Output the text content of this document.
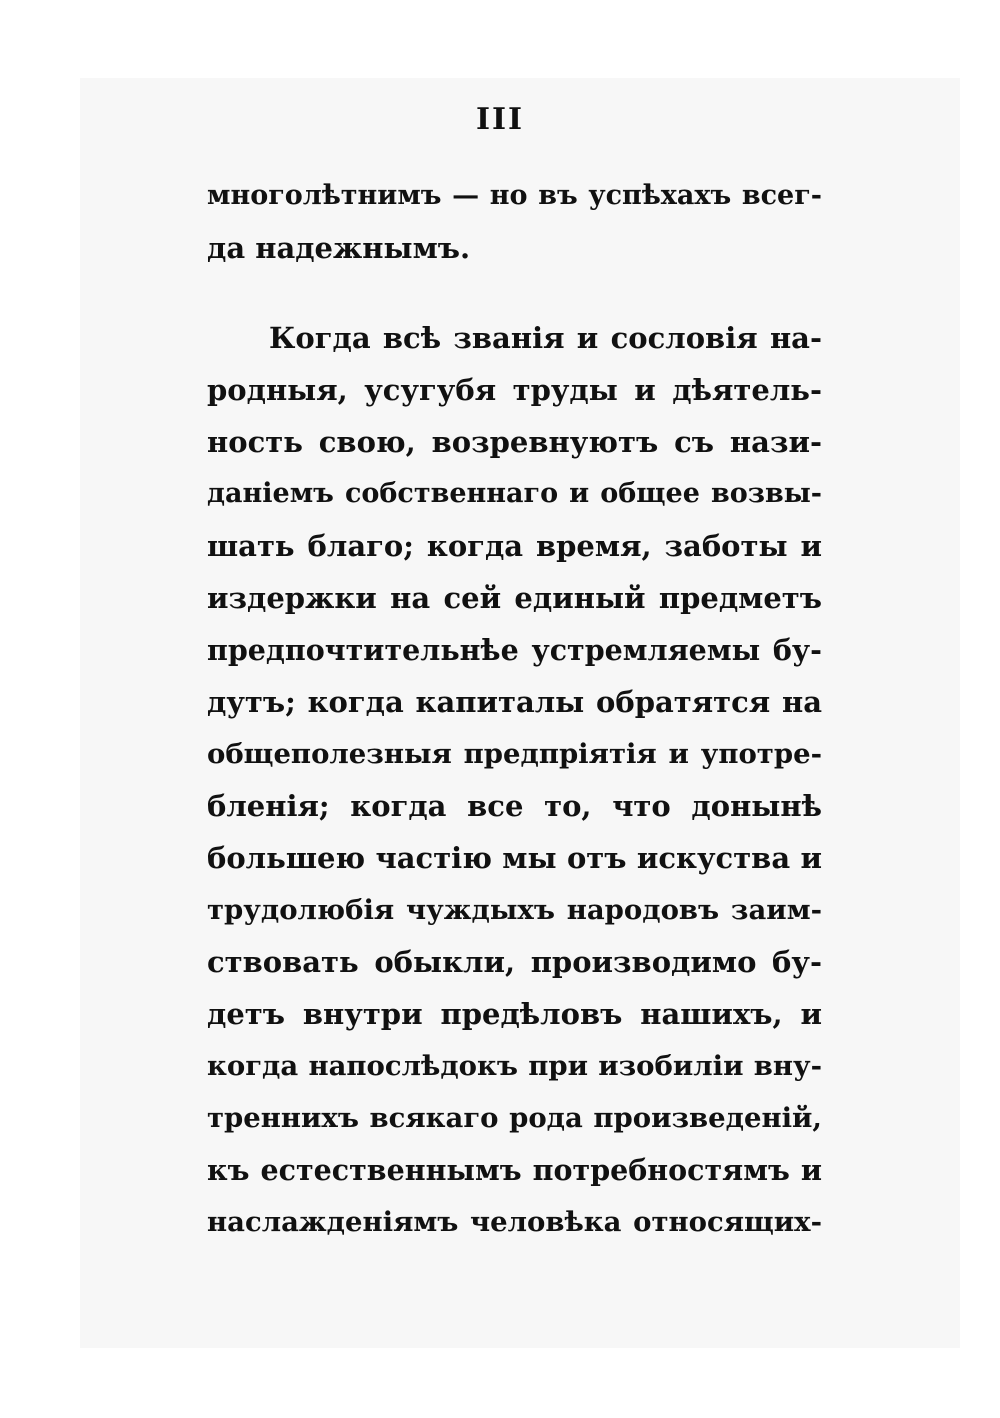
III
многолѣтнимъ — но въ успѣхахъ всег-
да надежнымъ.
Когда всѣ званія и сословія на-
родныя, усугубя труды и дѣятель-
ность свою, возревнуютъ съ нази-
даніемъ собственнаго и общее возвы-
шать благо; когда время, заботы и
издержки на сей единый предметъ
предпочтительнѣе устремляемы бу-
дутъ; когда капиталы обратятся на
общеполезныя предпріятія и употре-
бленія; когда все то, что донынѣ
большею частію мы отъ искуства и
трудолюбія чуждыхъ народовъ заим-
ствовать обыкли, производимо бу-
детъ внутри предѣловъ нашихъ, и
когда напослѣдокъ при изобиліи вну-
треннихъ всякаго рода произведеній,
къ естественнымъ потребностямъ и
наслажденіямъ человѣка относящих-
